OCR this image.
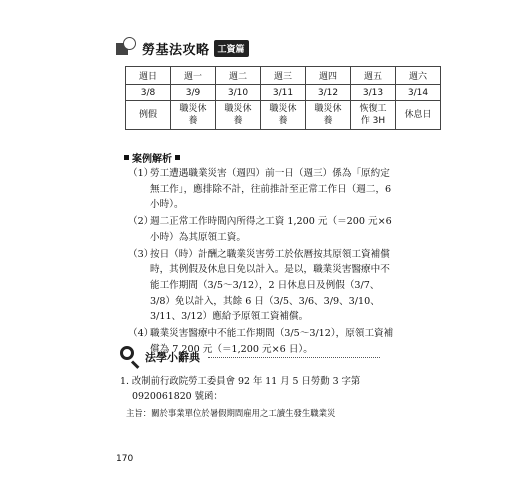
勞基法攻略 工資篇
週日	週一	週二	週三	週四	週五	週六
3/8	3/9	3/10	3/11	3/12	3/13	3/14
例假	職災休養	職災休養	職災休養	職災休養	恢復工作 3H	休息日
案例解析
（1）
勞工遭遇職業災害（週四）前一日（週三）係為「原約定無工作」，應排除不計，往前推計至正常工作日（週二，6 小時）。
（2）
週二正常工作時間內所得之工資 1,200 元（＝200 元×6 小時）為其原領工資。
（3）
按日（時）計酬之職業災害勞工於依曆按其原領工資補償時，其例假及休息日免以計入。是以，職業災害醫療中不能工作期間（3/5～3/12），2 日休息日及例假（3/7、3/8）免以計入，其餘 6 日（3/5、3/6、3/9、3/10、3/11、3/12）應給予原領工資補償。
（4）
職業災害醫療中不能工作期間（3/5～3/12），原領工資補償為 7,200 元（＝1,200 元×6 日）。
法學小辭典
1. 改制前行政院勞工委員會 92 年 11 月 5 日勞動 3 字第
0920061820 號函：
主旨：關於事業單位於暑假期間雇用之工讀生發生職業災
170
